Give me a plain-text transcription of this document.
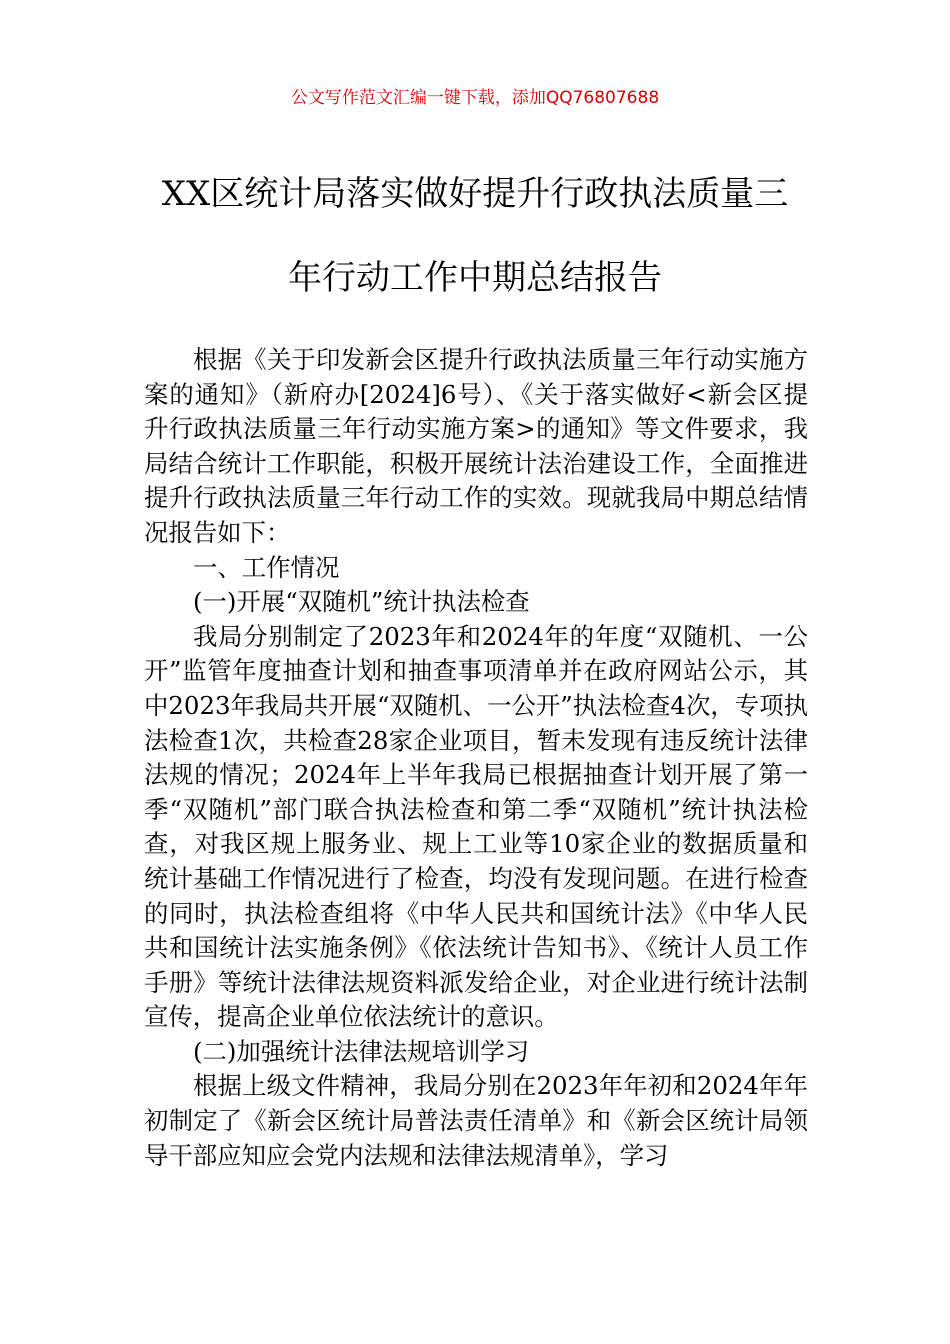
公文写作范文汇编一键下载，添加QQ76807688
XX区统计局落实做好提升行政执法质量三
年行动工作中期总结报告

根据《关于印发新会区提升行政执法质量三年行动实施方案的通知》（新府办[2024]6号）、《关于落实做好<新会区提升行政执法质量三年行动实施方案>的通知》等文件要求，我局结合统计工作职能，积极开展统计法治建设工作，全面推进提升行政执法质量三年行动工作的实效。现就我局中期总结情况报告如下：

一、工作情况

(一)开展“双随机”统计执法检查

我局分别制定了2023年和2024年的年度“双随机、一公开”监管年度抽查计划和抽查事项清单并在政府网站公示，其中2023年我局共开展“双随机、一公开”执法检查4次，专项执法检查1次，共检查28家企业项目，暂未发现有违反统计法律法规的情况；2024年上半年我局已根据抽查计划开展了第一季“双随机”部门联合执法检查和第二季“双随机”统计执法检查，对我区规上服务业、规上工业等10家企业的数据质量和统计基础工作情况进行了检查，均没有发现问题。在进行检查的同时，执法检查组将《中华人民共和国统计法》《中华人民共和国统计法实施条例》《依法统计告知书》、《统计人员工作手册》等统计法律法规资料派发给企业，对企业进行统计法制宣传，提高企业单位依法统计的意识。

(二)加强统计法律法规培训学习

根据上级文件精神，我局分别在2023年年初和2024年年初制定了《新会区统计局普法责任清单》和《新会区统计局领导干部应知应会党内法规和法律法规清单》，学习
